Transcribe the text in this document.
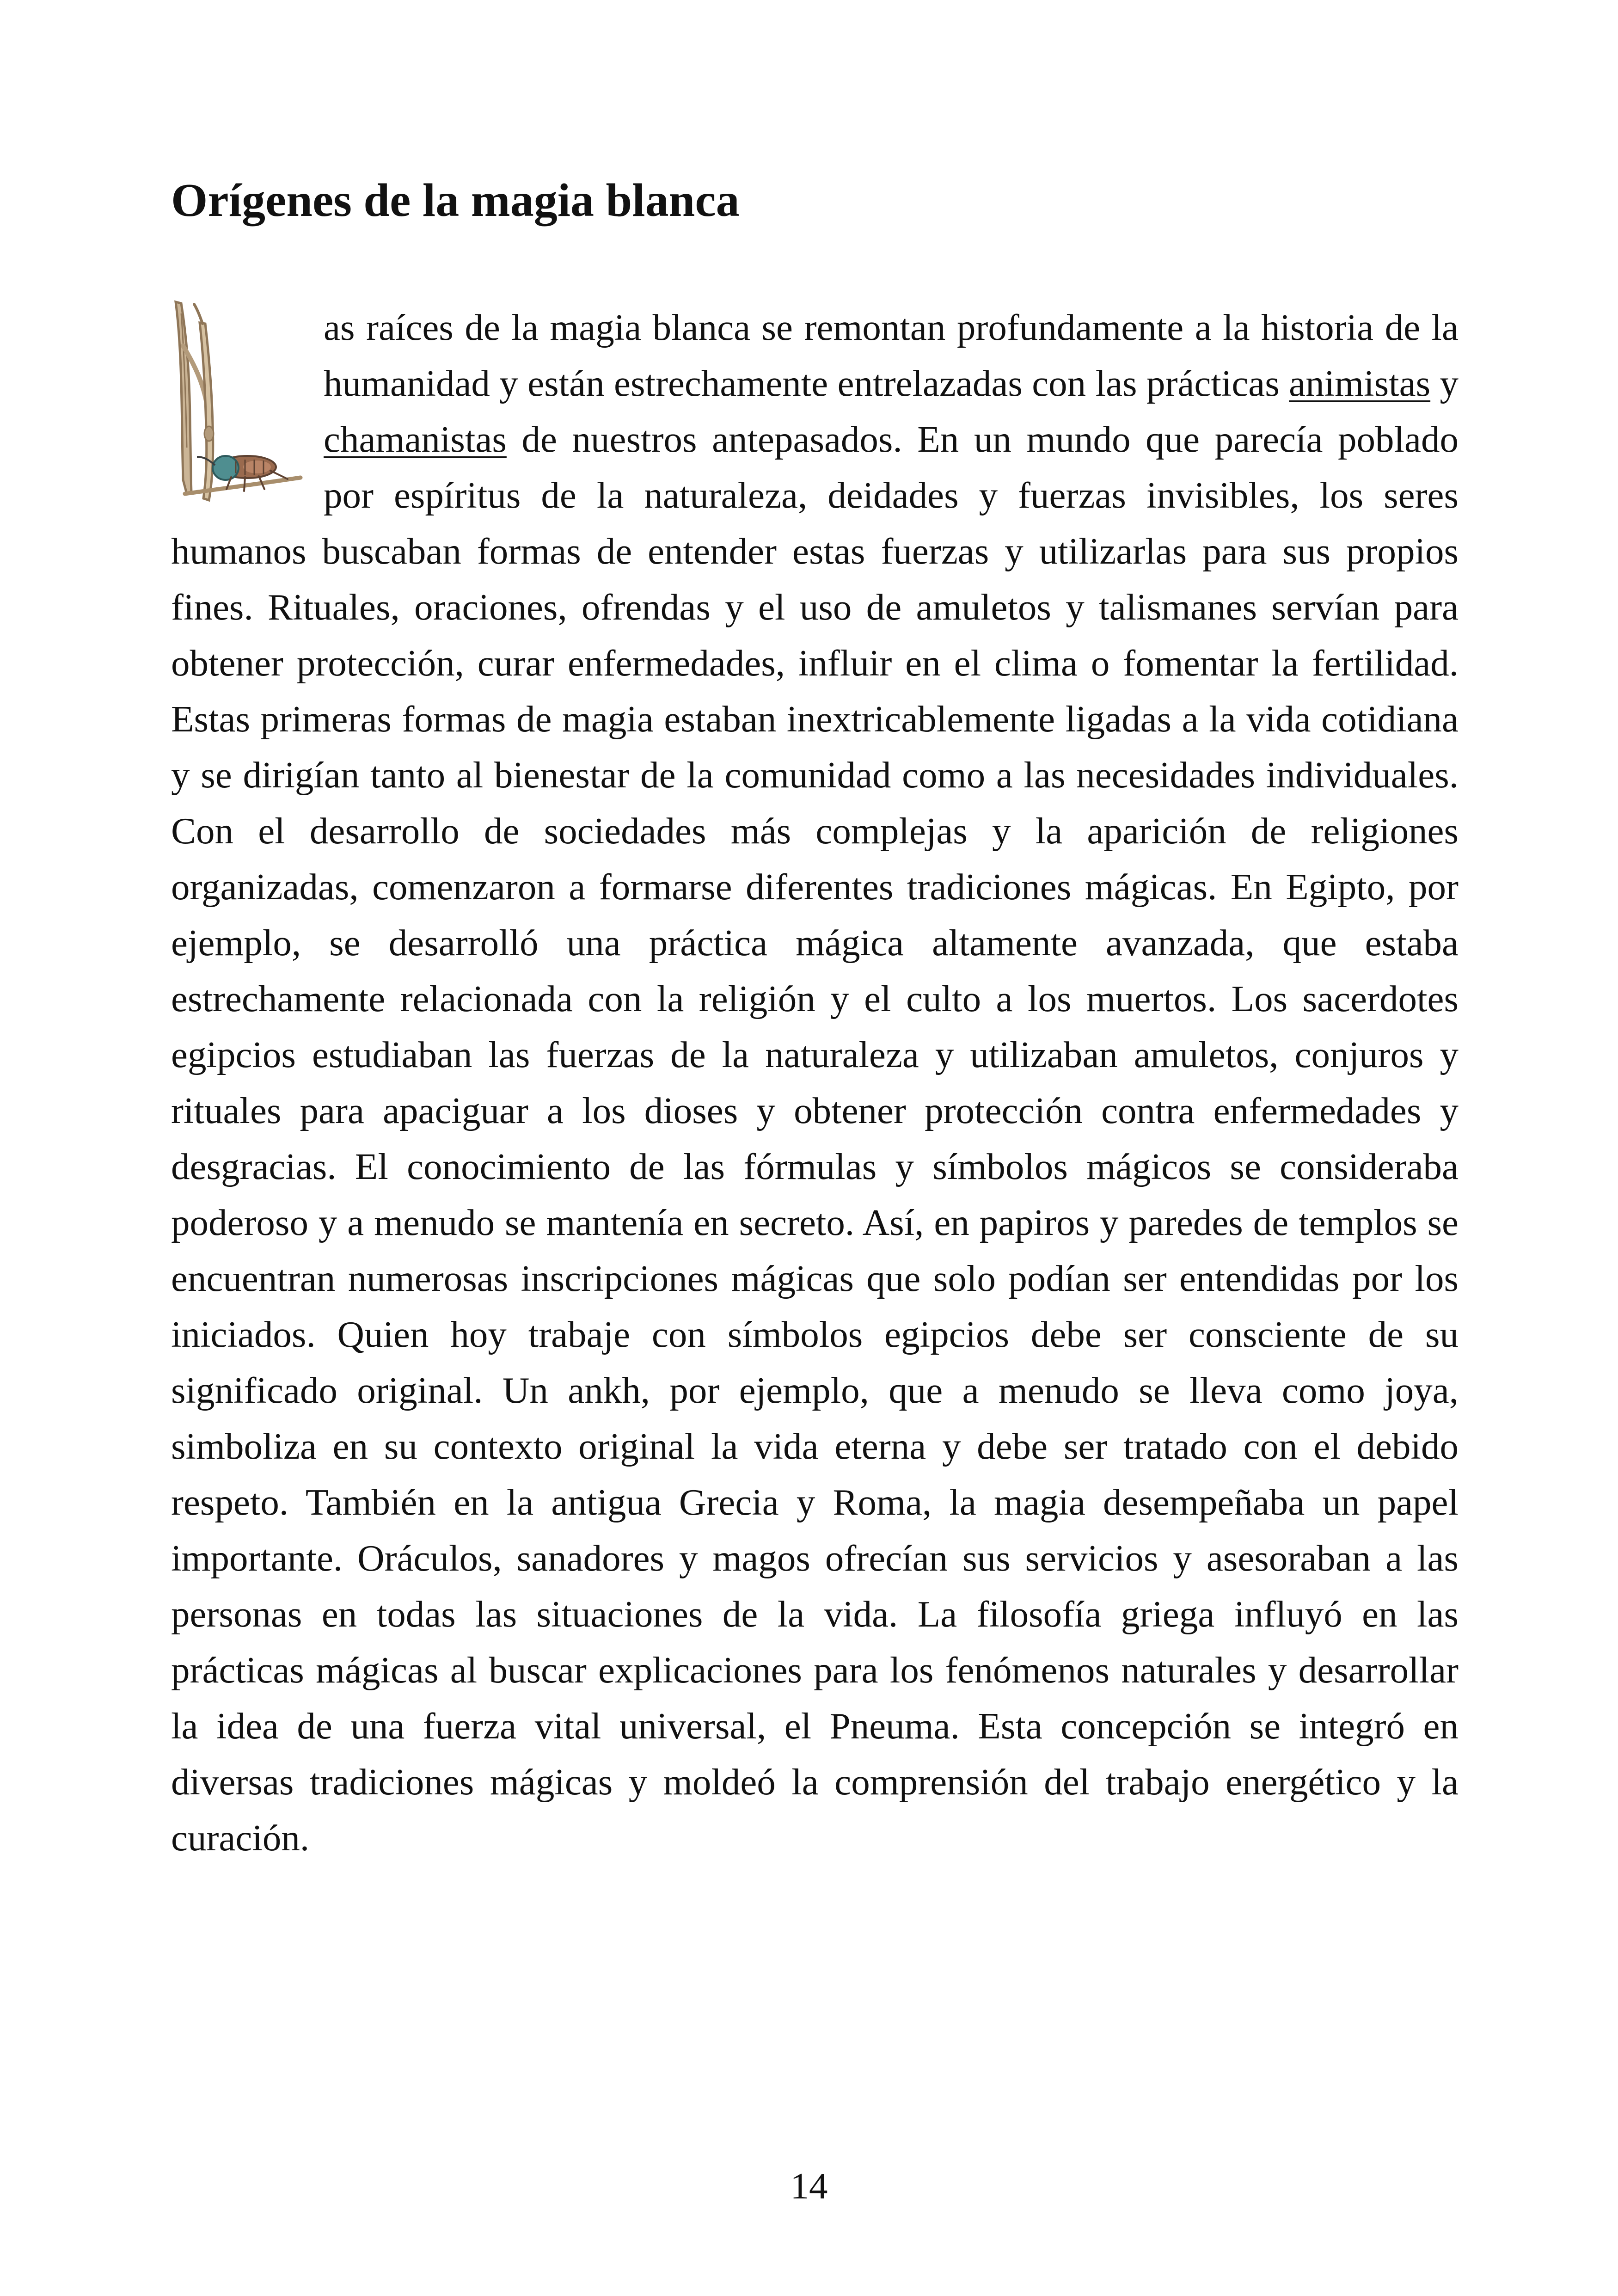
Orígenes de la magia blanca

as raíces de la magia blanca se remontan profundamente a la historia de la humanidad y están estrechamente entrelazadas con las prácticas animistas y chamanistas de nuestros antepasados. En un mundo que parecía poblado por espíritus de la naturaleza, deidades y fuerzas invisibles, los seres humanos buscaban formas de entender estas fuerzas y utilizarlas para sus propios fines. Rituales, oraciones, ofrendas y el uso de amuletos y talismanes servían para obtener protección, curar enfermedades, influir en el clima o fomentar la fertilidad. Estas primeras formas de magia estaban inextricablemente ligadas a la vida cotidiana y se dirigían tanto al bienestar de la comunidad como a las necesidades individuales. Con el desarrollo de sociedades más complejas y la aparición de religiones organizadas, comenzaron a formarse diferentes tradiciones mágicas. En Egipto, por ejemplo, se desarrolló una práctica mágica altamente avanzada, que estaba estrechamente relacionada con la religión y el culto a los muertos. Los sacerdotes egipcios estudiaban las fuerzas de la naturaleza y utilizaban amuletos, conjuros y rituales para apaciguar a los dioses y obtener protección contra enfermedades y desgracias. El conocimiento de las fórmulas y símbolos mágicos se consideraba poderoso y a menudo se mantenía en secreto. Así, en papiros y paredes de templos se encuentran numerosas inscripciones mágicas que solo podían ser entendidas por los iniciados. Quien hoy trabaje con símbolos egipcios debe ser consciente de su significado original. Un ankh, por ejemplo, que a menudo se lleva como joya, simboliza en su contexto original la vida eterna y debe ser tratado con el debido respeto. También en la antigua Grecia y Roma, la magia desempeñaba un papel importante. Oráculos, sanadores y magos ofrecían sus servicios y asesoraban a las personas en todas las situaciones de la vida. La filosofía griega influyó en las prácticas mágicas al buscar explicaciones para los fenómenos naturales y desarrollar la idea de una fuerza vital universal, el Pneuma. Esta concepción se integró en diversas tradiciones mágicas y moldeó la comprensión del trabajo energético y la curación.

14
